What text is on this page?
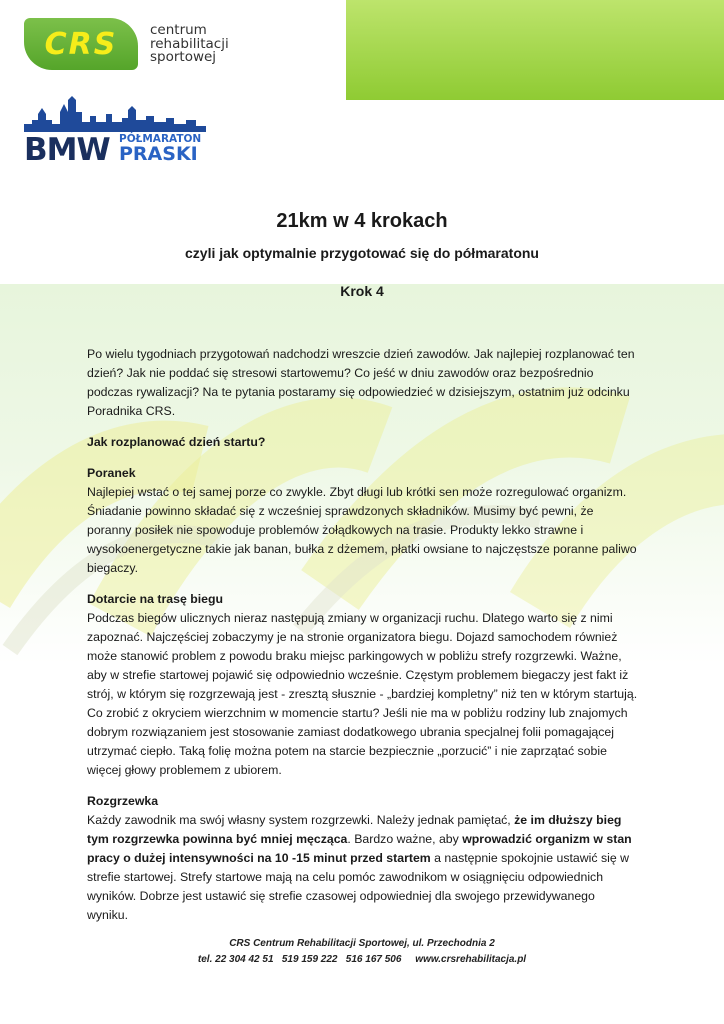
CRS centrum
rehabilitacji
sportowej
BMW PÓŁMARATON
PRASKI
21km w 4 krokach
czyli jak optymalnie przygotować się do półmaratonu
Krok 4

Po wielu tygodniach przygotowań nadchodzi wreszcie dzień zawodów. Jak najlepiej rozplanować ten dzień? Jak nie poddać się stresowi startowemu? Co jeść w dniu zawodów oraz bezpośrednio podczas rywalizacji? Na te pytania postaramy się odpowiedzieć w dzisiejszym, ostatnim już odcinku Poradnika CRS.

Jak rozplanować dzień startu?

Poranek

Najlepiej wstać o tej samej porze co zwykle. Zbyt długi lub krótki sen może rozregulować organizm. Śniadanie powinno składać się z wcześniej sprawdzonych składników. Musimy być pewni, że poranny posiłek nie spowoduje problemów żołądkowych na trasie. Produkty lekko strawne i wysokoenergetyczne takie jak banan, bułka z dżemem, płatki owsiane to najczęstsze poranne paliwo biegaczy.

Dotarcie na trasę biegu

Podczas biegów ulicznych nieraz następują zmiany w organizacji ruchu. Dlatego warto się z nimi zapoznać. Najczęściej zobaczymy je na stronie organizatora biegu. Dojazd samochodem również może stanowić problem z powodu braku miejsc parkingowych w pobliżu strefy rozgrzewki. Ważne, aby w strefie startowej pojawić się odpowiednio wcześnie. Częstym problemem biegaczy jest fakt iż strój, w którym się rozgrzewają jest - zresztą słusznie - „bardziej kompletny” niż ten w którym startują. Co zrobić z okryciem wierzchnim w momencie startu? Jeśli nie ma w pobliżu rodziny lub znajomych dobrym rozwiązaniem jest stosowanie zamiast dodatkowego ubrania specjalnej folii pomagającej utrzymać ciepło. Taką folię można potem na starcie bezpiecznie „porzucić” i nie zaprzątać sobie więcej głowy problemem z ubiorem.

Rozgrzewka

Każdy zawodnik ma swój własny system rozgrzewki. Należy jednak pamiętać, że im dłuższy bieg tym rozgrzewka powinna być mniej męcząca. Bardzo ważne, aby wprowadzić organizm w stan pracy o dużej intensywności na 10 -15 minut przed startem a następnie spokojnie ustawić się w strefie startowej. Strefy startowe mają na celu pomóc zawodnikom w osiągnięciu odpowiednich wyników. Dobrze jest ustawić się strefie czasowej odpowiedniej dla swojego przewidywanego wyniku.

CRS Centrum Rehabilitacji Sportowej, ul. Przechodnia 2
tel. 22 304 42 51   519 159 222   516 167 506     www.crsrehabilitacja.pl
